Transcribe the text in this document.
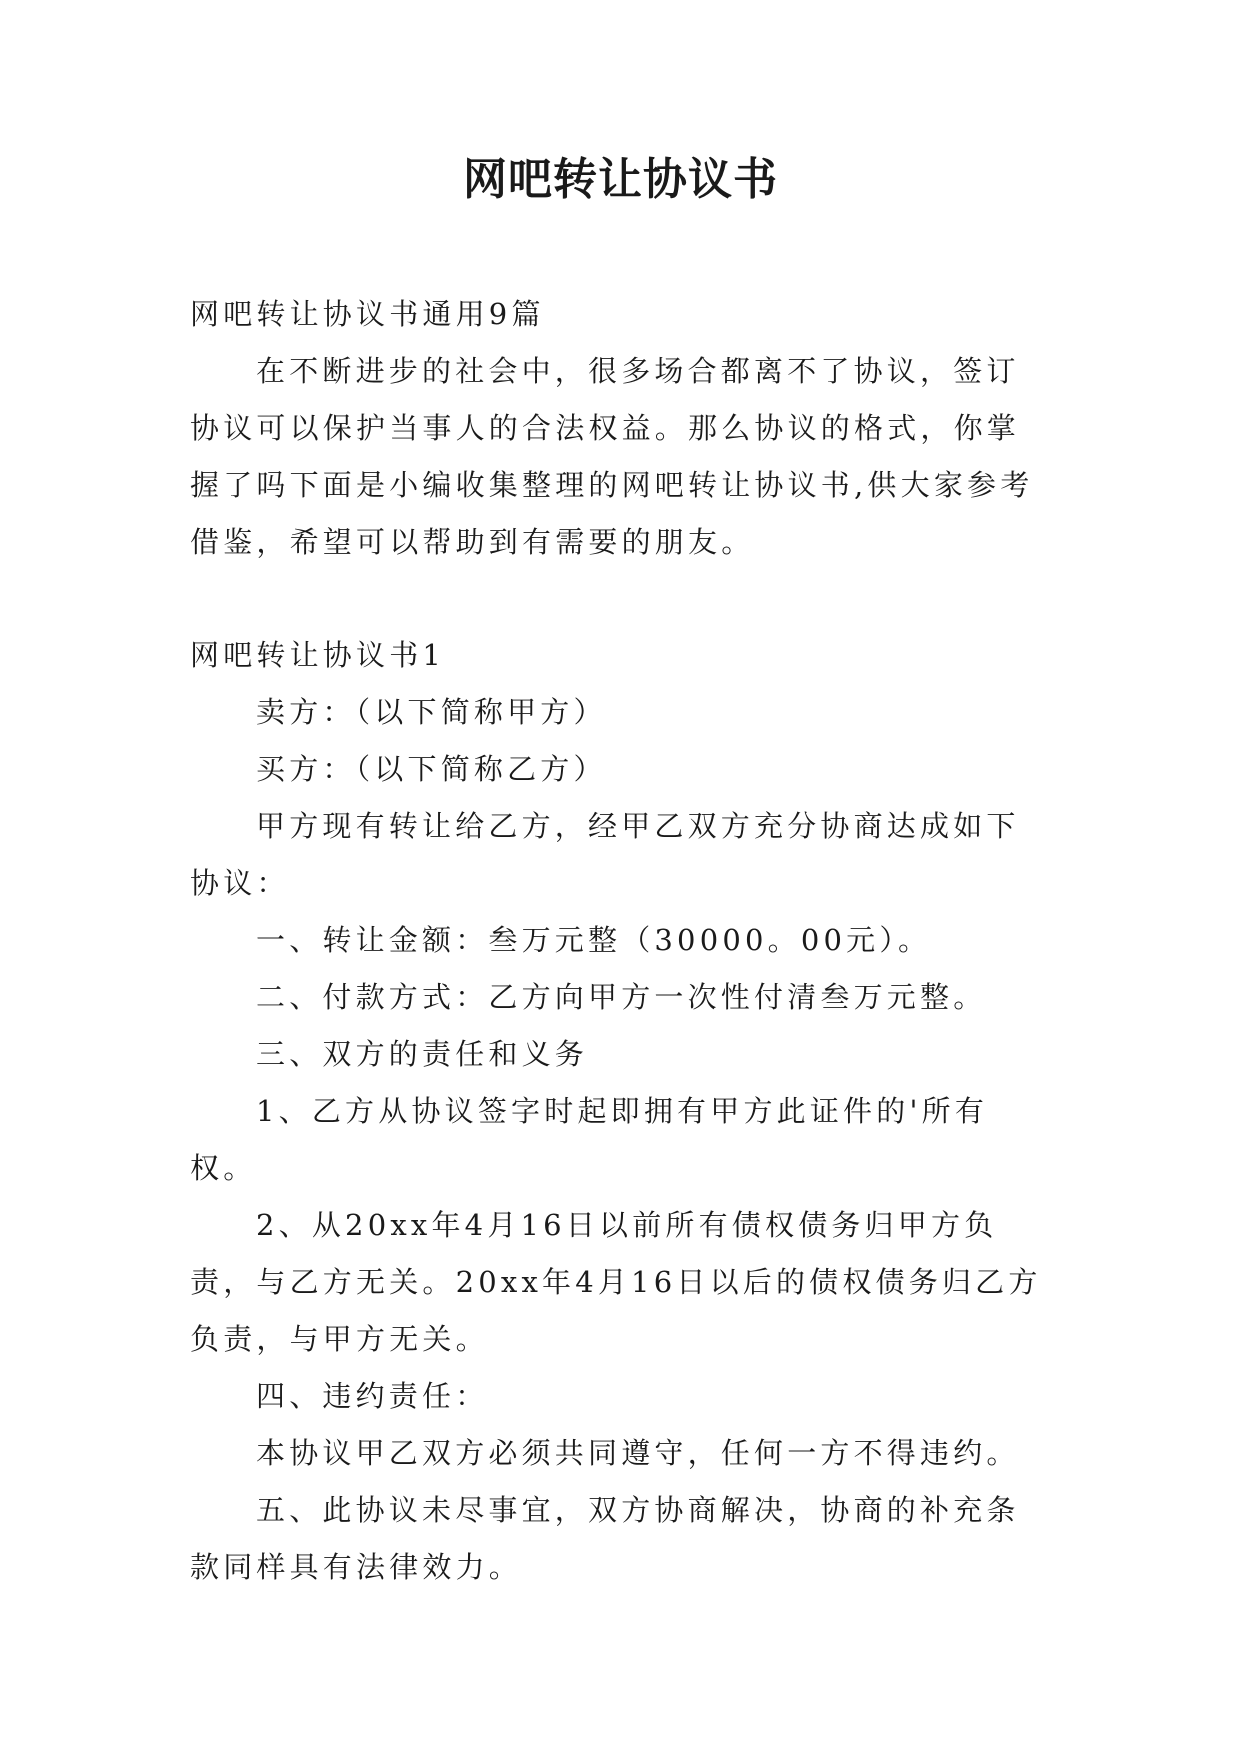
网吧转让协议书

网吧转让协议书通用9篇

在不断进步的社会中，很多场合都离不了协议，签订协议可以保护当事人的合法权益。那么协议的格式，你掌握了吗下面是小编收集整理的网吧转让协议书,供大家参考借鉴，希望可以帮助到有需要的朋友。

网吧转让协议书1

卖方：（以下简称甲方）

买方：（以下简称乙方）

甲方现有转让给乙方，经甲乙双方充分协商达成如下协议：

一、转让金额：叁万元整（30000。00元）。

二、付款方式：乙方向甲方一次性付清叁万元整。

三、双方的责任和义务

1、乙方从协议签字时起即拥有甲方此证件的'所有权。

2、从20xx年4月16日以前所有债权债务归甲方负责，与乙方无关。20xx年4月16日以后的债权债务归乙方负责，与甲方无关。

四、违约责任：

本协议甲乙双方必须共同遵守，任何一方不得违约。

五、此协议未尽事宜，双方协商解决，协商的补充条款同样具有法律效力。
